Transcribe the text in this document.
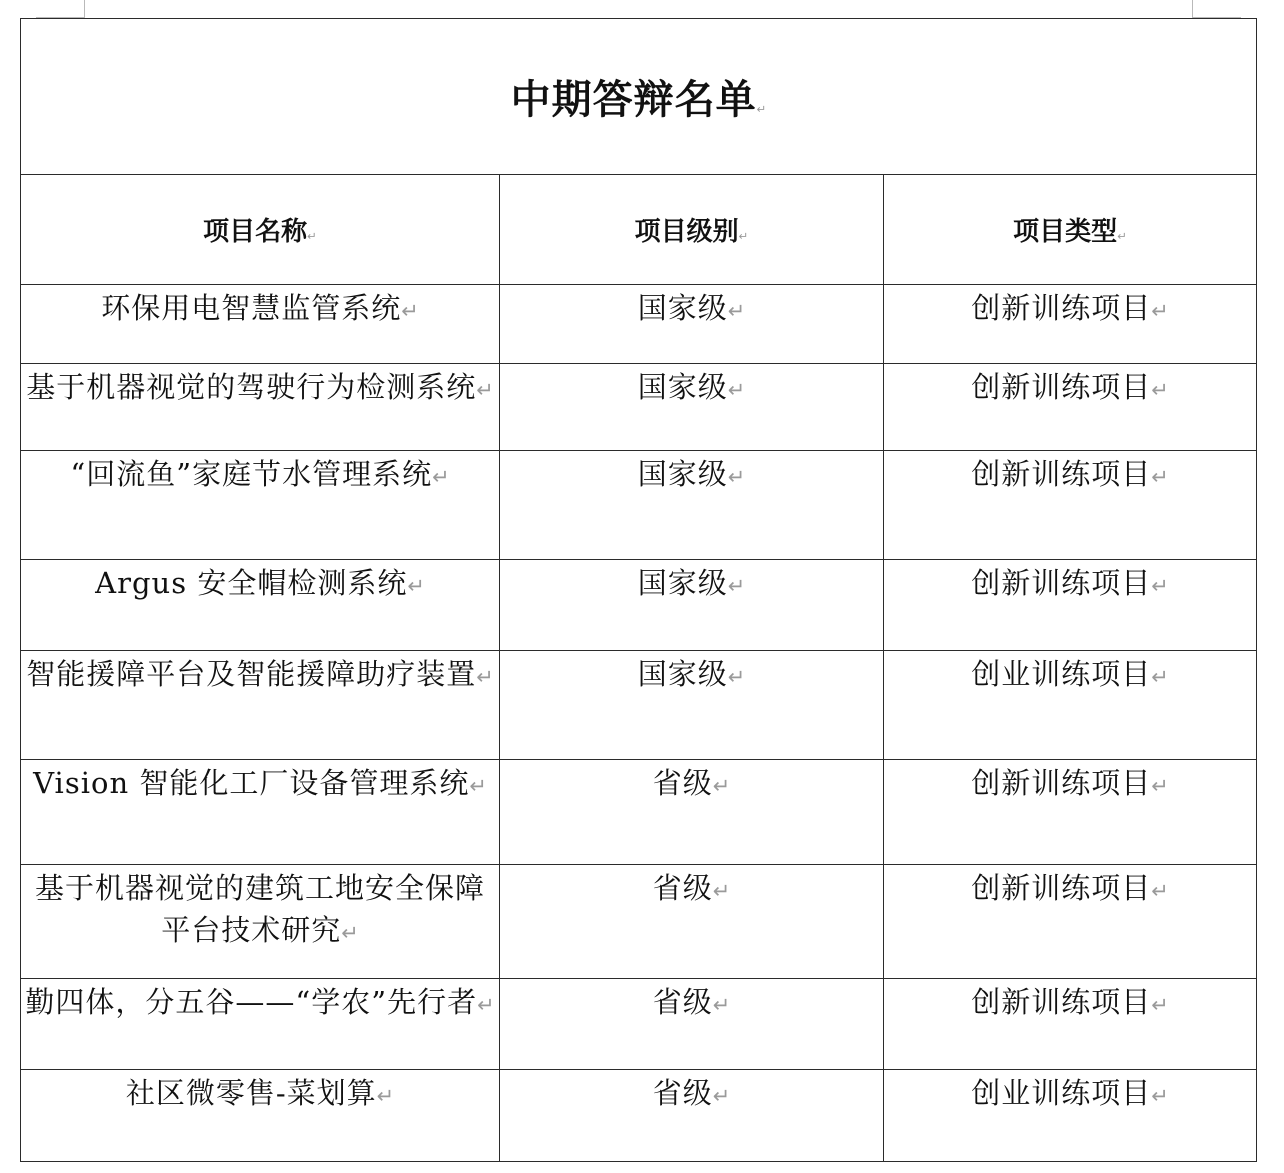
中期答辩名单↵		
项目名称↵	项目级别↵	项目类型↵
环保用电智慧监管系统↵	国家级↵	创新训练项目↵
基于机器视觉的驾驶行为检测系统↵	国家级↵	创新训练项目↵
“回流鱼”家庭节水管理系统↵	国家级↵	创新训练项目↵
Argus 安全帽检测系统↵	国家级↵	创新训练项目↵
智能援障平台及智能援障助疗装置↵	国家级↵	创业训练项目↵
Vision 智能化工厂设备管理系统↵	省级↵	创新训练项目↵
基于机器视觉的建筑工地安全保障平台技术研究↵	省级↵	创新训练项目↵
勤四体，分五谷——“学农”先行者↵	省级↵	创新训练项目↵
社区微零售-菜划算↵	省级↵	创业训练项目↵
